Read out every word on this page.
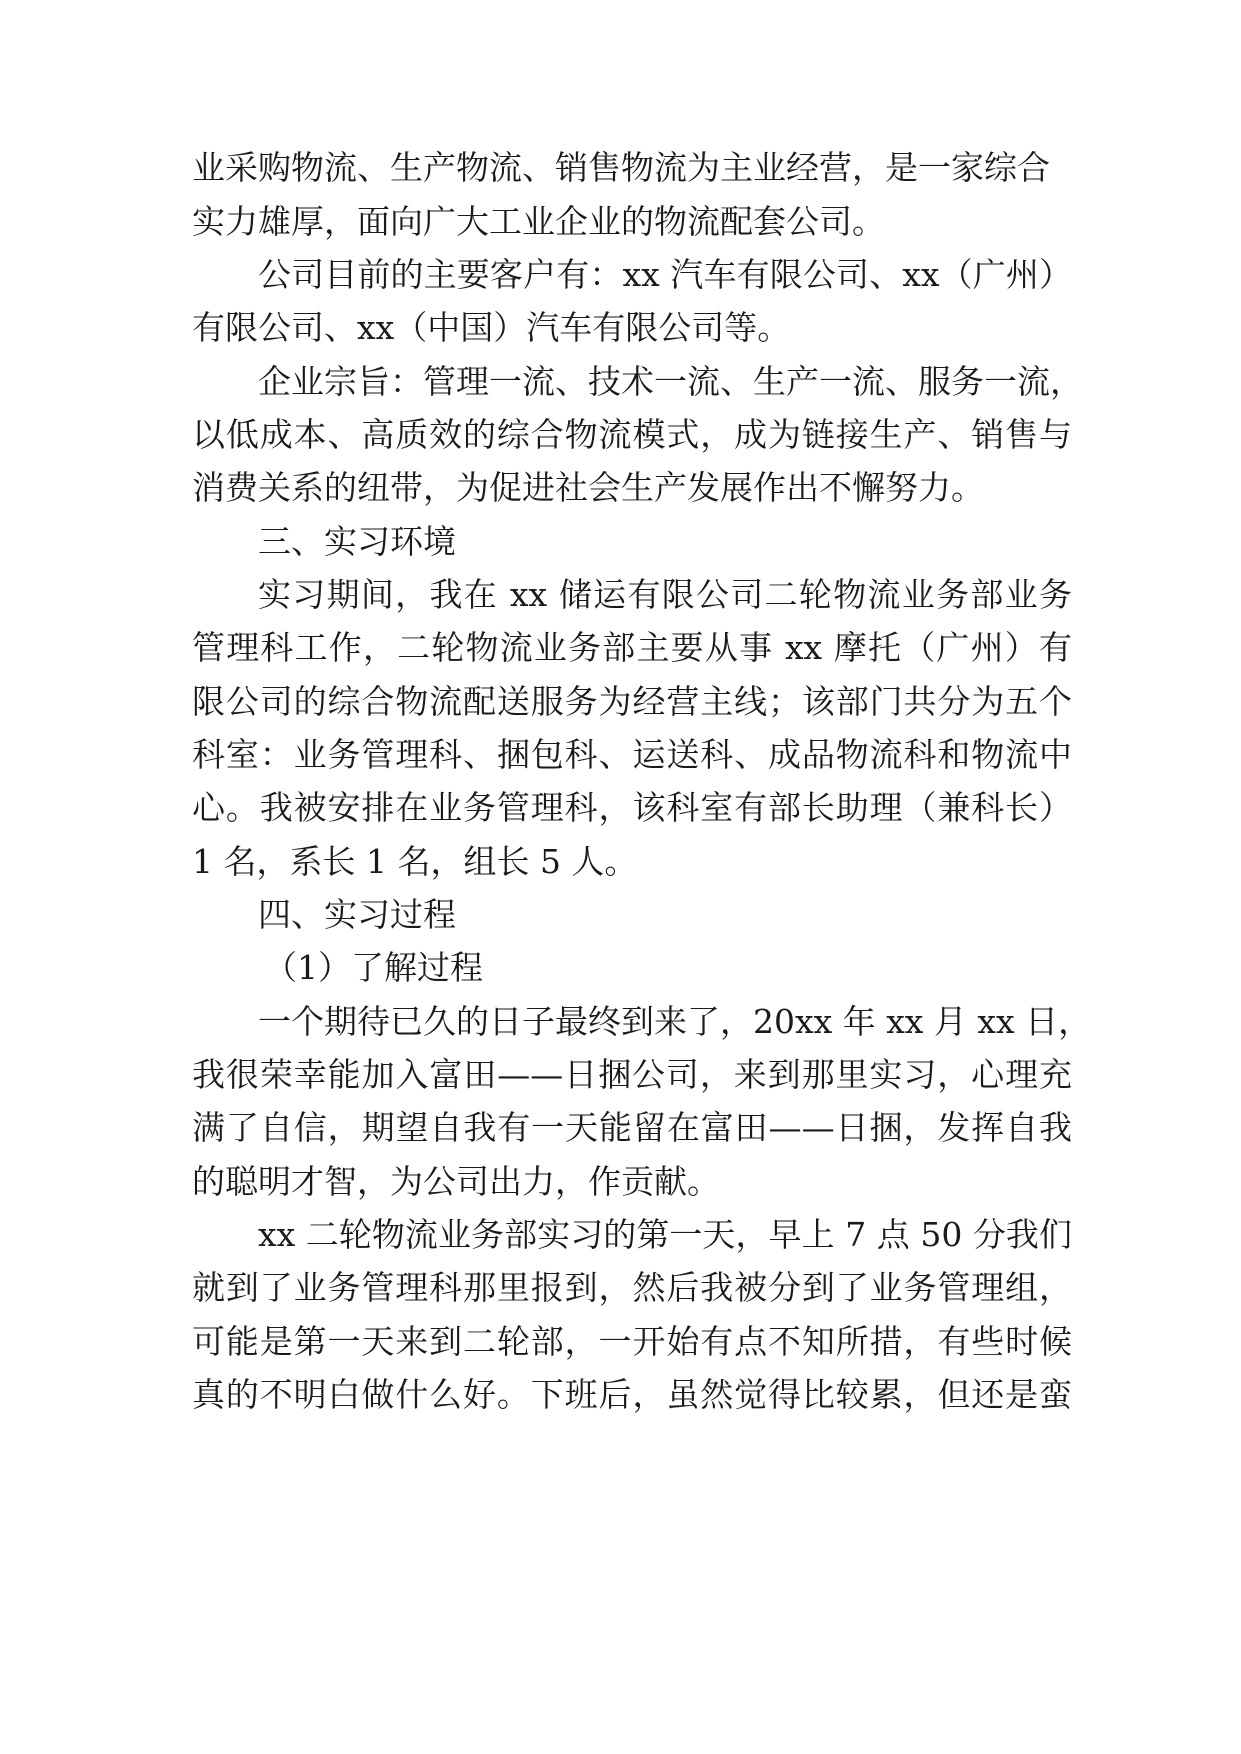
业采购物流、生产物流、销售物流为主业经营，是一家综合
实力雄厚，面向广大工业企业的物流配套公司。
公司目前的主要客户有：xx 汽车有限公司、xx（广州）
有限公司、xx（中国）汽车有限公司等。
企业宗旨：管理一流、技术一流、生产一流、服务一流，
以低成本、高质效的综合物流模式，成为链接生产、销售与
消费关系的纽带，为促进社会生产发展作出不懈努力。
三、实习环境
实习期间，我在 xx 储运有限公司二轮物流业务部业务
管理科工作，二轮物流业务部主要从事 xx 摩托（广州）有
限公司的综合物流配送服务为经营主线；该部门共分为五个
科室：业务管理科、捆包科、运送科、成品物流科和物流中
心。我被安排在业务管理科，该科室有部长助理（兼科长）
1 名，系长 1 名，组长 5 人。
四、实习过程
（1）了解过程
一个期待已久的日子最终到来了，20xx 年 xx 月 xx 日，
我很荣幸能加入富田——日捆公司，来到那里实习，心理充
满了自信，期望自我有一天能留在富田——日捆，发挥自我
的聪明才智，为公司出力，作贡献。
xx 二轮物流业务部实习的第一天，早上 7 点 50 分我们
就到了业务管理科那里报到，然后我被分到了业务管理组，
可能是第一天来到二轮部，一开始有点不知所措，有些时候
真的不明白做什么好。下班后，虽然觉得比较累，但还是蛮
